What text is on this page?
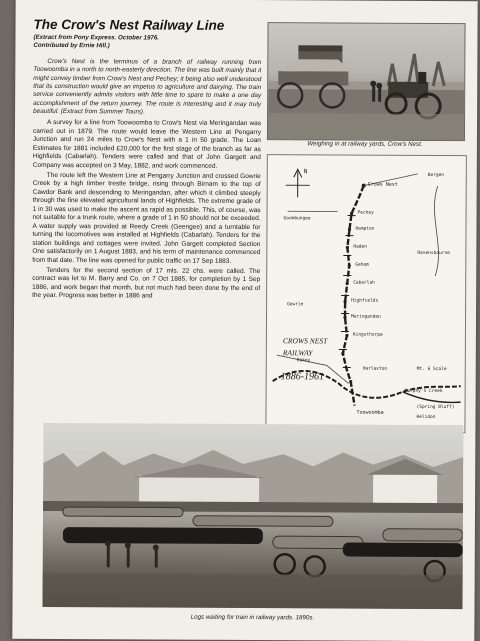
The Crow's Nest Railway Line
(Extract from Pony Express. October 1976.
Contributed by Ernie Hill.)
Crow's Nest is the terminus of a branch of railway running from Toowoomba in a north to north-easterly direction. The line was built mainly that it might convey timber from Crow's Nest and Pechey; it being also well understood that its construction would give an impetus to agriculture and dairying. The train service conveniently admits visitors with little time to spare to make a one day accomplishment of the return journey. The route is interesting and it may truly beautiful. (Extract from Summer Tours).

A survey for a line from Toowoomba to Crow's Nest via Meringandan was carried out in 1879. The route would leave the Western Line at Pengarry Junction and run 24 miles to Crow's Nest with a 1 in 50 grade. The Loan Estimates for 1881 included £20,000 for the first stage of the branch as far as Highfields (Cabarlah). Tenders were called and that of John Gargett and Company was accepted on 3 May, 1882, and work commenced.

The route left the Western Line at Pengarry Junction and crossed Gowrie Creek by a high timber trestle bridge, rising through Birnam to the top of Cawdor Bank and descending to Meringandan, after which it climbed steeply through the fine elevated agricultural lands of Highfields. The extreme grade of 1 in 30 was used to make the ascent as rapid as possible. This, of course, was not suitable for a trunk route, where a grade of 1 in 50 should not be exceeded. A water supply was provided at Reedy Creek (Geengee) and a turntable for turning the locomotives was installed at Highfields (Cabarlah). Tenders for the station buildings and cottages were invited. John Gargett completed Section One satisfactorily on 1 August 1883, and his term of maintenance commenced from that date. The line was opened for public traffic on 17 Sep 1883.

Tenders for the second section of 17 mls. 22 chs. were called. The contract was let to M. Barry and Co. on 7 Oct 1885, for completion by 1 Sep 1886, and work began that month, but not much had been done by the end of the year. Progress was better in 1886 and

Weighing in at railway yards, Crow's Nest.
N
Crows Nest
Pechey
Hampton
Haden
Geham
Cabarlah
Highfields
Meringandan
Kingsthorpe
Harlaxton
Toowoomba
Goombungee
Gowrie
Ravensbourne
Bergen
Oakey
Mt. 6 Scale
Murphy's Creek
(Spring Bluff)
Helidon
CROWS NEST
RAILWAY
1886-1961
Logs waiting for train in railway yards. 1890s.
